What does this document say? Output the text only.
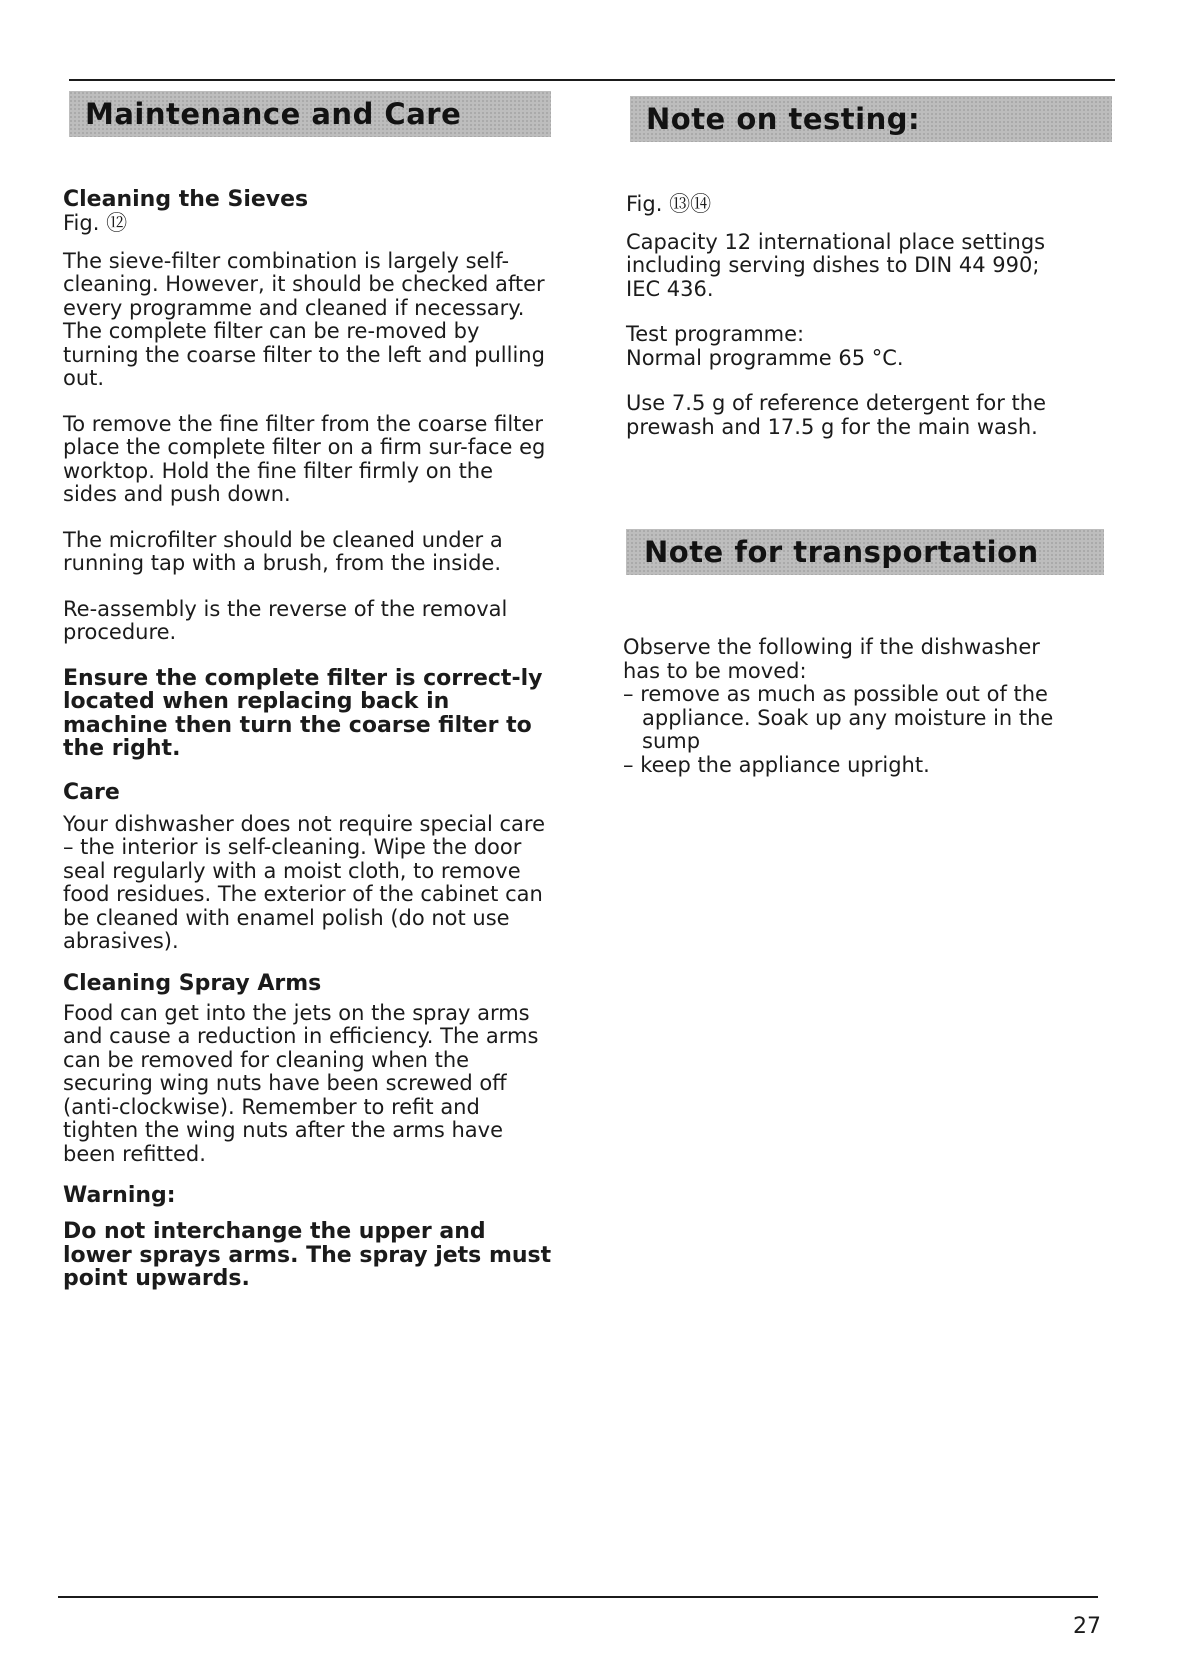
Maintenance and Care	Note on testing:
Cleaning the Sieves

Fig. ⑫

The sieve-filter combination is largely self-cleaning. However, it should be checked after every programme and cleaned if necessary. The complete filter can be re-moved by turning the coarse filter to the left and pulling out.

To remove the fine filter from the coarse filter place the complete filter on a firm sur-face eg worktop. Hold the fine filter firmly on the sides and push down.

The microfilter should be cleaned under a running tap with a brush, from the inside.

Re-assembly is the reverse of the removal procedure.

Ensure the complete filter is correct-ly located when replacing back in machine then turn the coarse filter to the right.

Care

Your dishwasher does not require special care – the interior is self-cleaning. Wipe the door seal regularly with a moist cloth, to remove food residues. The exterior of the cabinet can be cleaned with enamel polish (do not use abrasives).

Cleaning Spray Arms

Food can get into the jets on the spray arms and cause a reduction in efficiency. The arms can be removed for cleaning when the securing wing nuts have been screwed off (anti-clockwise). Remember to refit and tighten the wing nuts after the arms have been refitted.

Warning:

Do not interchange the upper and lower sprays arms. The spray jets must point upwards.

Fig. ⑬⑭

Capacity 12 international place settings including serving dishes to DIN 44 990; IEC 436.

Test programme:

Normal programme 65 °C.

Use 7.5 g of reference detergent for the prewash and 17.5 g for the main wash.

Note for transportation

Observe the following if the dishwasher has to be moved:

– remove as much as possible out of the appliance. Soak up any moisture in the sump
– keep the appliance upright.
27
